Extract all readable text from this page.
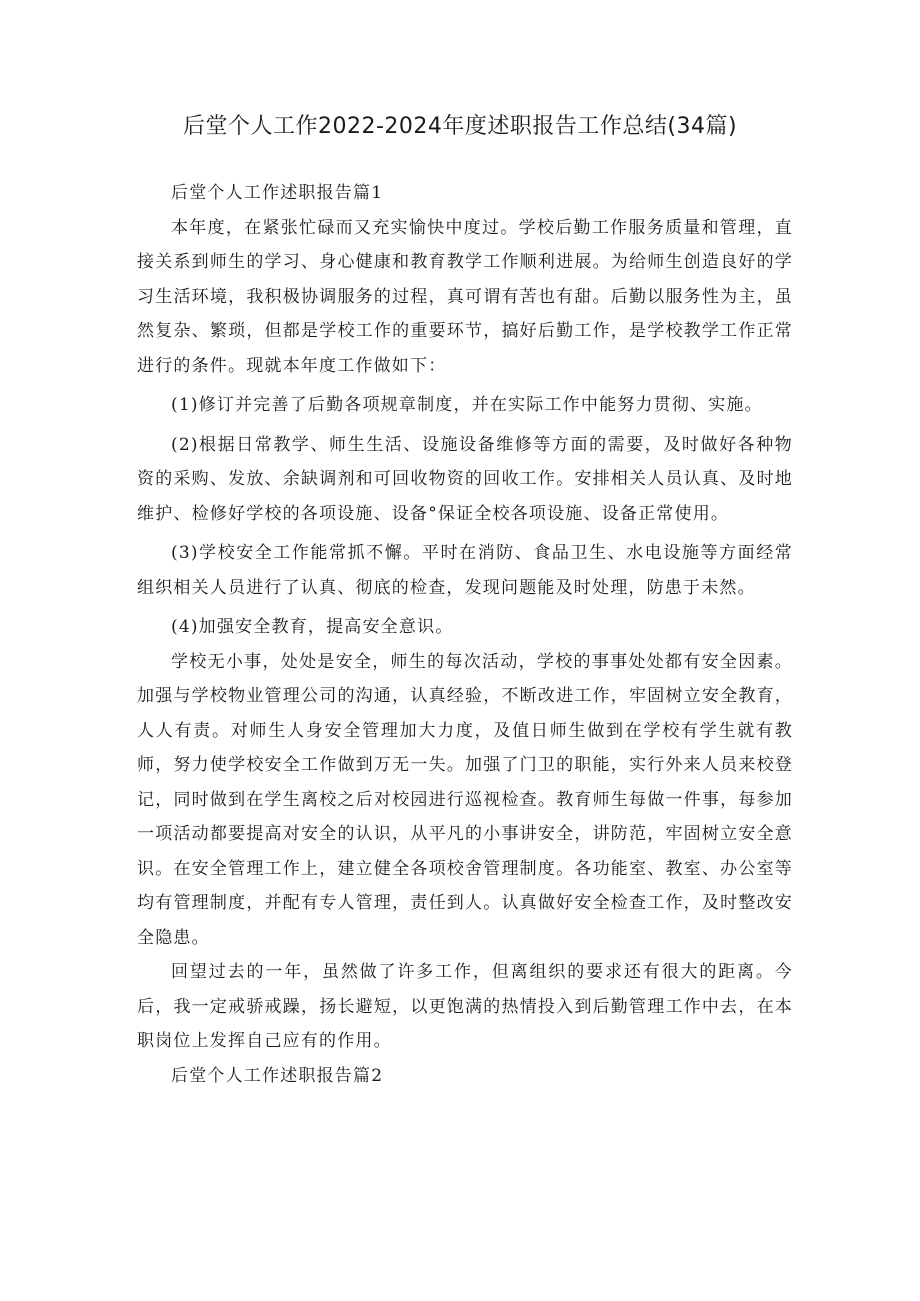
后堂个人工作2022-2024年度述职报告工作总结(34篇)

后堂个人工作述职报告篇1

本年度，在紧张忙碌而又充实愉快中度过。学校后勤工作服务质量和管理，直接关系到师生的学习、身心健康和教育教学工作顺利进展。为给师生创造良好的学习生活环境，我积极协调服务的过程，真可谓有苦也有甜。后勤以服务性为主，虽然复杂、繁琐，但都是学校工作的重要环节，搞好后勤工作，是学校教学工作正常进行的条件。现就本年度工作做如下：

(1)修订并完善了后勤各项规章制度，并在实际工作中能努力贯彻、实施。

(2)根据日常教学、师生生活、设施设备维修等方面的需要，及时做好各种物资的采购、发放、余缺调剂和可回收物资的回收工作。安排相关人员认真、及时地维护、检修好学校的各项设施、设备°保证全校各项设施、设备正常使用。

(3)学校安全工作能常抓不懈。平时在消防、食品卫生、水电设施等方面经常组织相关人员进行了认真、彻底的检查，发现问题能及时处理，防患于未然。

(4)加强安全教育，提高安全意识。

学校无小事，处处是安全，师生的每次活动，学校的事事处处都有安全因素。加强与学校物业管理公司的沟通，认真经验，不断改进工作，牢固树立安全教育，人人有责。对师生人身安全管理加大力度，及值日师生做到在学校有学生就有教师，努力使学校安全工作做到万无一失。加强了门卫的职能，实行外来人员来校登记，同时做到在学生离校之后对校园进行巡视检查。教育师生每做一件事，每参加一项活动都要提高对安全的认识，从平凡的小事讲安全，讲防范，牢固树立安全意识。在安全管理工作上，建立健全各项校舍管理制度。各功能室、教室、办公室等均有管理制度，并配有专人管理，责任到人。认真做好安全检查工作，及时整改安全隐患。

回望过去的一年，虽然做了许多工作，但离组织的要求还有很大的距离。今后，我一定戒骄戒躁，扬长避短，以更饱满的热情投入到后勤管理工作中去，在本职岗位上发挥自己应有的作用。

后堂个人工作述职报告篇2
